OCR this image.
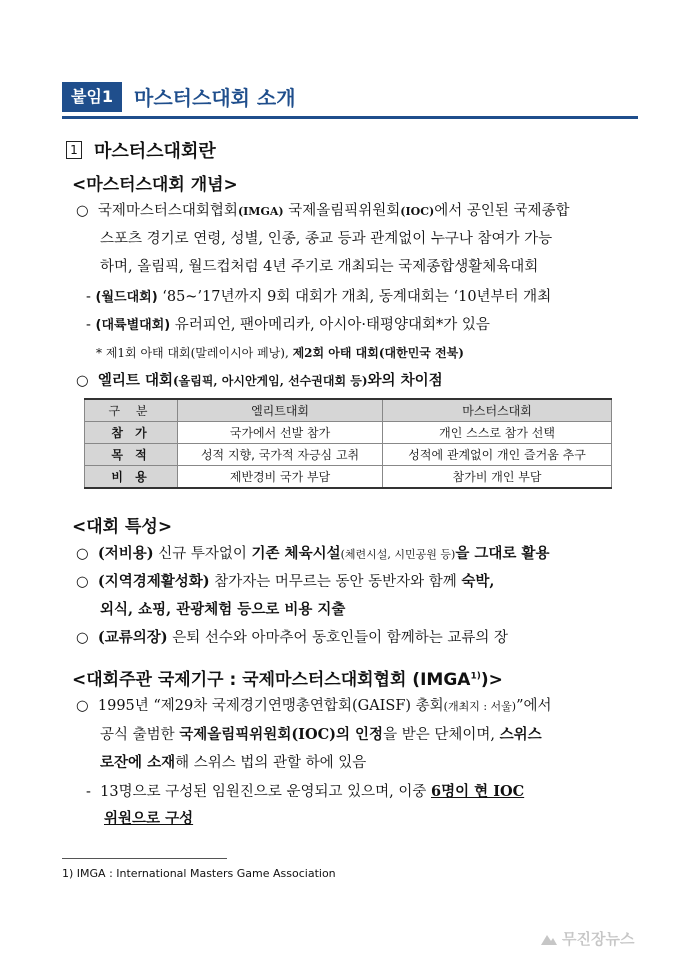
붙임1	마스터스대회 소개
1 마스터스대회란
<마스터스대회 개념>
○ 국제마스터스대회협회(IMGA) 국제올림픽위원회(IOC)에서 공인된 국제종합
스포츠 경기로 연령, 성별, 인종, 종교 등과 관계없이 누구나 참여가 가능
하며, 올림픽, 월드컵처럼 4년 주기로 개최되는 국제종합생활체육대회
- (월드대회) ‘85~’17년까지 9회 대회가 개최, 동계대회는 ‘10년부터 개최
- (대륙별대회) 유러피언, 팬아메리카, 아시아·태평양대회*가 있음
* 제1회 아태 대회(말레이시아 페낭), 제2회 아태 대회(대한민국 전북)
○ 엘리트 대회(올림픽, 아시안게임, 선수권대회 등)와의 차이점
구 분	엘리트대회	마스터스대회
참 가	국가에서 선발 참가	개인 스스로 참가 선택
목 적	성적 지향, 국가적 자긍심 고취	성적에 관계없이 개인 즐거움 추구
비 용	제반경비 국가 부담	참가비 개인 부담
<대회 특성>
○ (저비용) 신규 투자없이 기존 체육시설(체련시설, 시민공원 등)을 그대로 활용
○ (지역경제활성화) 참가자는 머무르는 동안 동반자와 함께 숙박,
외식, 쇼핑, 관광체험 등으로 비용 지출
○ (교류의장) 은퇴 선수와 아마추어 동호인들이 함께하는 교류의 장
<대회주관 국제기구 : 국제마스터스대회협회 $(IMGA^{1)})>$
○ 1995년 “제29차 국제경기연맹총연합회(GAISF) 총회(개최지 : 서울)”에서
공식 출범한 국제올림픽위원회(IOC)의 인정을 받은 단체이며, 스위스
로잔에 소재해 스위스 법의 관할 하에 있음
- 13명으로 구성된 임원진으로 운영되고 있으며, 이중 6명이 현 IOC
위원으로 구성
1) IMGA : International Masters Game Association
무진장뉴스
